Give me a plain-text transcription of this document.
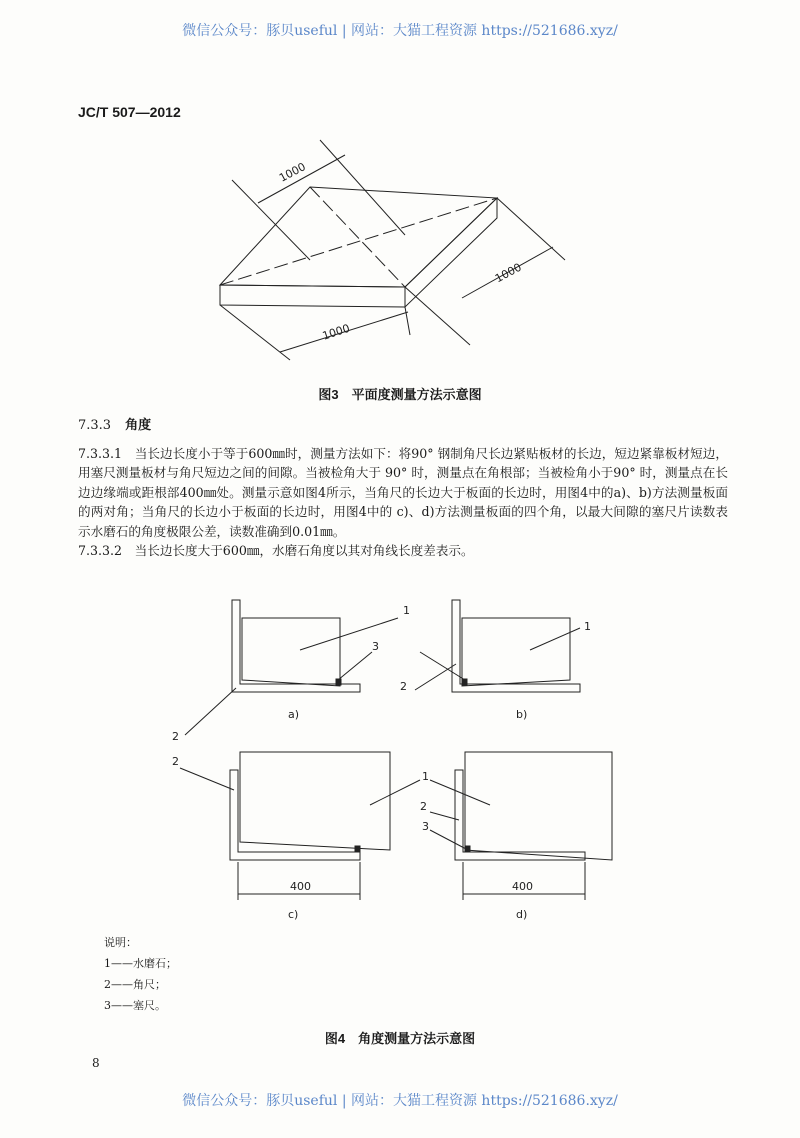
微信公众号：豚贝useful | 网站：大猫工程资源 https://521686.xyz/
JC/T 507—2012
1000
1000
1000
1
3
2
1
2
2
1
2
3
a)	b)
c)	d)
400	400
图3　平面度测量方法示意图
7.3.3 角度

7.3.3.1　当长边长度小于等于600㎜时，测量方法如下：将90° 钢制角尺长边紧贴板材的长边，短边紧靠板材短边，用塞尺测量板材与角尺短边之间的间隙。当被检角大于 90° 时，测量点在角根部；当被检角小于90° 时，测量点在长边边缘端或距根部400㎜处。测量示意如图4所示，当角尺的长边大于板面的长边时，用图4中的a)、b)方法测量板面的两对角；当角尺的长边小于板面的长边时，用图4中的 c)、d)方法测量板面的四个角，以最大间隙的塞尺片读数表示水磨石的角度极限公差，读数准确到0.01㎜。

7.3.3.2　当长边长度大于600㎜，水磨石角度以其对角线长度差表示。

说明：
1——水磨石；
2——角尺；
3——塞尺。
图4　角度测量方法示意图
8
微信公众号：豚贝useful | 网站：大猫工程资源 https://521686.xyz/
